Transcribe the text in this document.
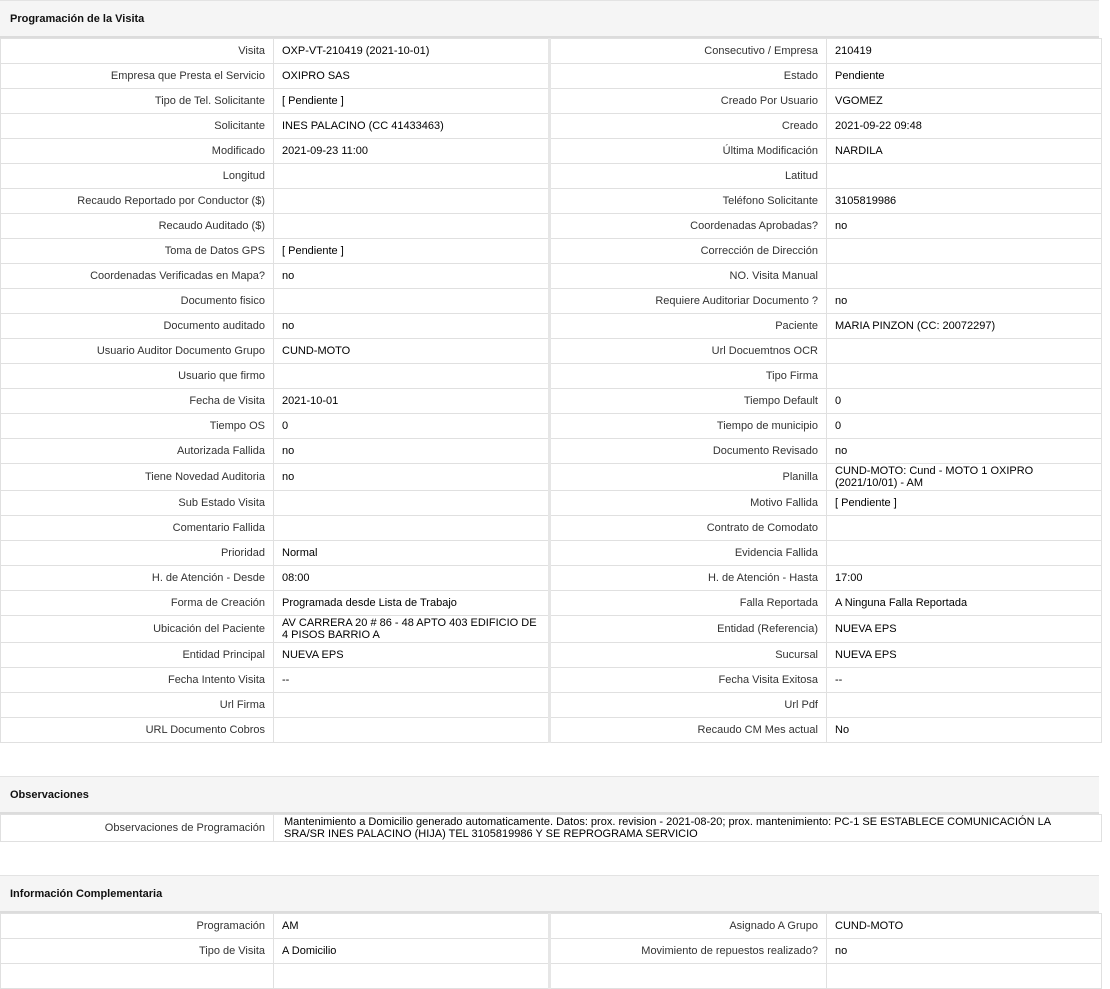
Programación de la Visita
Visita	OXP-VT-210419 (2021-10-01)	Consecutivo / Empresa	210419
Empresa que Presta el Servicio	OXIPRO SAS	Estado	Pendiente
Tipo de Tel. Solicitante	[ Pendiente ]	Creado Por Usuario	VGOMEZ
Solicitante	INES PALACINO (CC 41433463)	Creado	2021-09-22 09:48
Modificado	2021-09-23 11:00	Última Modificación	NARDILA
Longitud		Latitud	
Recaudo Reportado por Conductor ($)		Teléfono Solicitante	3105819986
Recaudo Auditado ($)		Coordenadas Aprobadas?	no
Toma de Datos GPS	[ Pendiente ]	Corrección de Dirección	
Coordenadas Verificadas en Mapa?	no	NO. Visita Manual	
Documento fisico		Requiere Auditoriar Documento ?	no
Documento auditado	no	Paciente	MARIA PINZON (CC: 20072297)
Usuario Auditor Documento Grupo	CUND-MOTO	Url Docuemtnos OCR	
Usuario que firmo		Tipo Firma	
Fecha de Visita	2021-10-01	Tiempo Default	0
Tiempo OS	0	Tiempo de municipio	0
Autorizada Fallida	no	Documento Revisado	no
Tiene Novedad Auditoria	no	Planilla	CUND-MOTO: Cund - MOTO 1 OXIPRO (2021/10/01) - AM
Sub Estado Visita		Motivo Fallida	[ Pendiente ]
Comentario Fallida		Contrato de Comodato	
Prioridad	Normal	Evidencia Fallida	
H. de Atención - Desde	08:00	H. de Atención - Hasta	17:00
Forma de Creación	Programada desde Lista de Trabajo	Falla Reportada	A Ninguna Falla Reportada
Ubicación del Paciente	AV CARRERA 20 # 86 - 48 APTO 403 EDIFICIO DE 4 PISOS BARRIO A	Entidad (Referencia)	NUEVA EPS
Entidad Principal	NUEVA EPS	Sucursal	NUEVA EPS
Fecha Intento Visita	--	Fecha Visita Exitosa	--
Url Firma		Url Pdf	
URL Documento Cobros		Recaudo CM Mes actual	No
Observaciones
Observaciones de Programación	Mantenimiento a Domicilio generado automaticamente. Datos: prox. revision - 2021-08-20; prox. mantenimiento: PC-1 SE ESTABLECE COMUNICACIÓN LA SRA/SR INES PALACINO (HIJA) TEL 3105819986 Y SE REPROGRAMA SERVICIO
Información Complementaria
Programación	AM	Asignado A Grupo	CUND-MOTO
Tipo de Visita	A Domicilio	Movimiento de repuestos realizado?	no
